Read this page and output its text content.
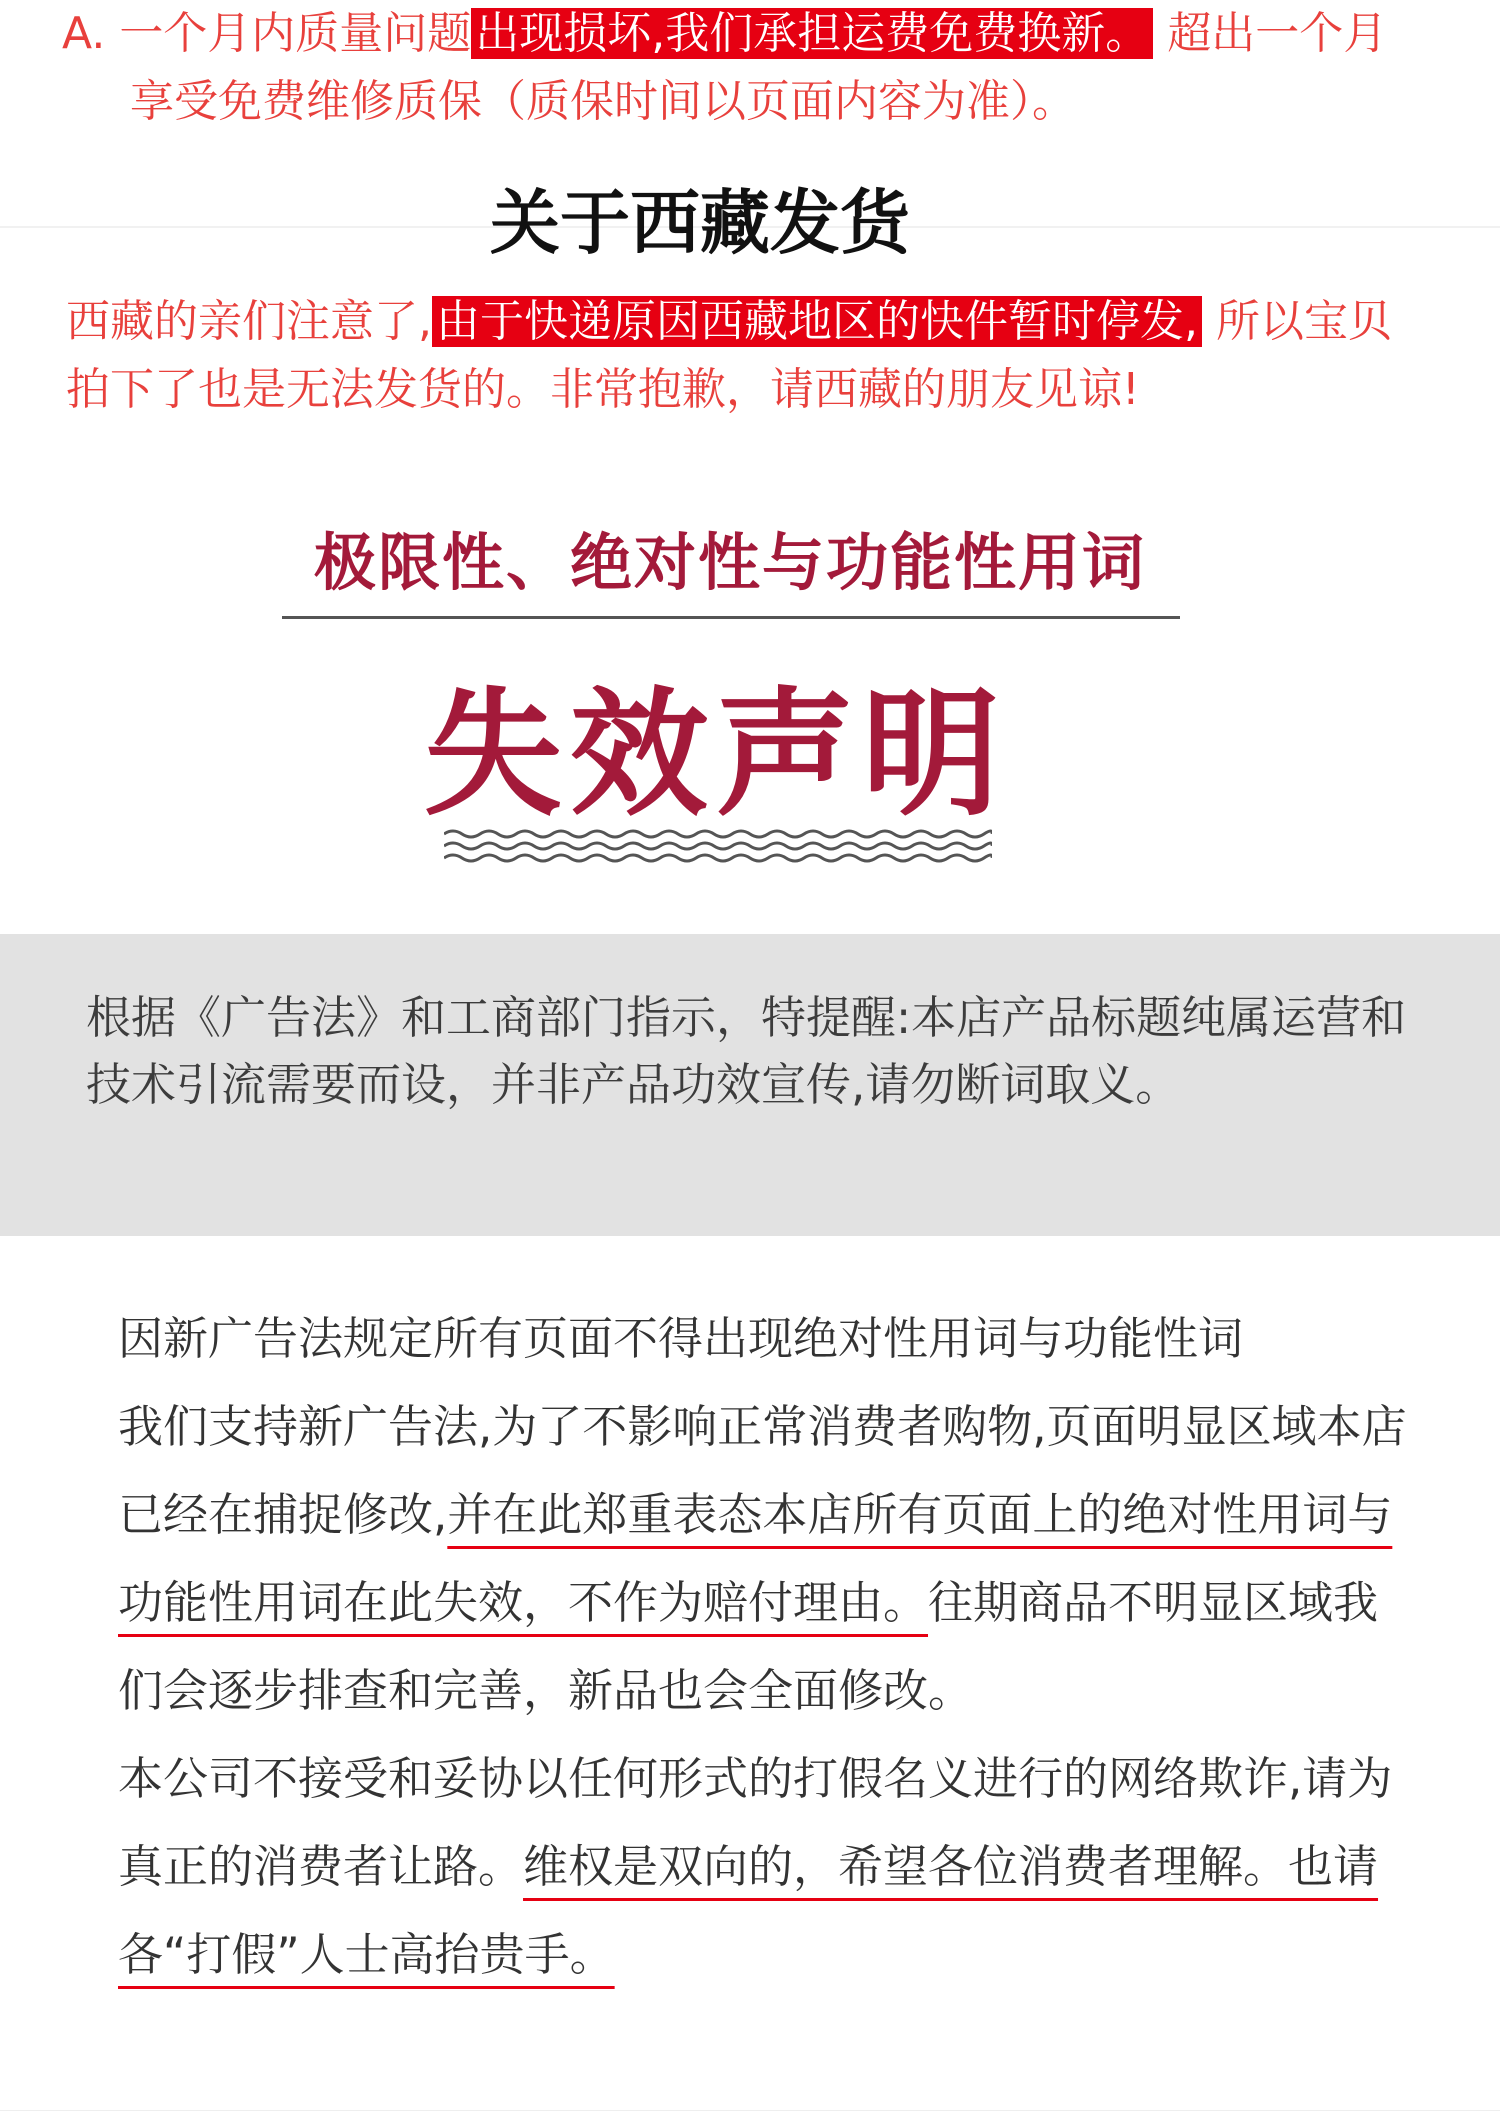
A. 一个月内质量问题出现损坏,我们承担运费免费换新。 超出一个月
享受免费维修质保（质保时间以页面内容为准）。
关于西藏发货
西藏的亲们注意了,由于快递原因西藏地区的快件暂时停发, 所以宝贝
拍下了也是无法发货的。非常抱歉，请西藏的朋友见谅!
极限性、绝对性与功能性用词
失效声明
根据《广告法》和工商部门指示，特提醒:本店产品标题纯属运营和技术引流需要而设，并非产品功效宣传,请勿断词取义。

因新广告法规定所有页面不得出现绝对性用词与功能性词

我们支持新广告法,为了不影响正常消费者购物,页面明显区域本店已经在捕捉修改,并在此郑重表态本店所有页面上的绝对性用词与功能性用词在此失效，不作为赔付理由。往期商品不明显区域我们会逐步排查和完善，新品也会全面修改。

本公司不接受和妥协以任何形式的打假名义进行的网络欺诈,请为真正的消费者让路。维权是双向的，希望各位消费者理解。也请各“打假”人士高抬贵手。
